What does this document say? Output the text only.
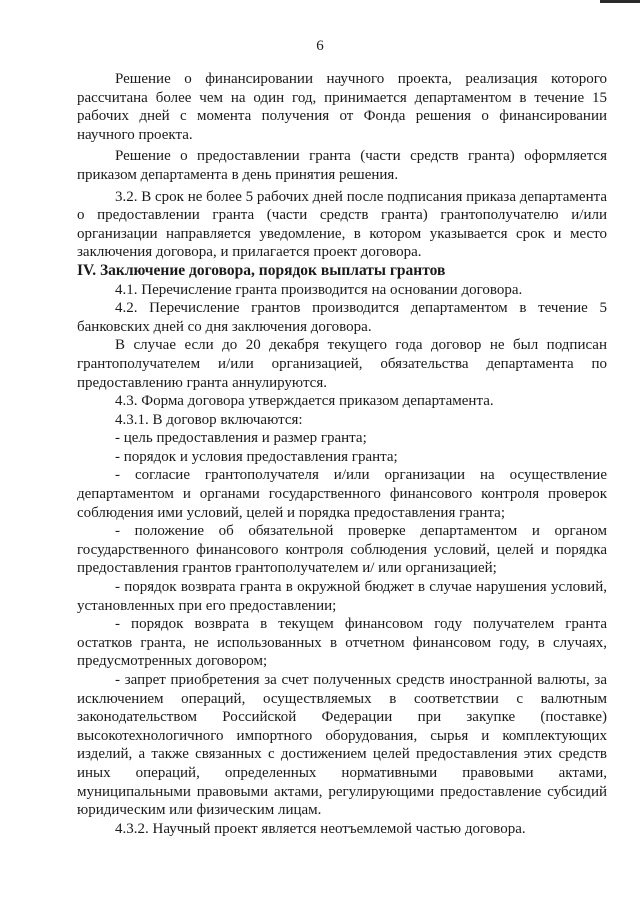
6

Решение о финансировании научного проекта, реализация которого рассчитана более чем на один год, принимается департаментом в течение 15 рабочих дней с момента получения от Фонда решения о финансировании научного проекта.

Решение о предоставлении гранта (части средств гранта) оформляется приказом департамента в день принятия решения.

3.2. В срок не более 5 рабочих дней после подписания приказа департамента о предоставлении гранта (части средств гранта) грантополучателю и/или организации направляется уведомление, в котором указывается срок и место заключения договора, и прилагается проект договора.

IV. Заключение договора, порядок выплаты грантов

4.1. Перечисление гранта производится на основании договора.

4.2. Перечисление грантов производится департаментом в течение 5 банковских дней со дня заключения договора.

В случае если до 20 декабря текущего года договор не был подписан грантополучателем и/или организацией, обязательства департамента по предоставлению гранта аннулируются.

4.3. Форма договора утверждается приказом департамента.

4.3.1. В договор включаются:

- цель предоставления и размер гранта;

- порядок и условия предоставления гранта;

- согласие грантополучателя и/или организации на осуществление департаментом и органами государственного финансового контроля проверок соблюдения ими условий, целей и порядка предоставления гранта;

- положение об обязательной проверке департаментом и органом государственного финансового контроля соблюдения условий, целей и порядка предоставления грантов грантополучателем и/ или организацией;

- порядок возврата гранта в окружной бюджет в случае нарушения условий, установленных при его предоставлении;

- порядок возврата в текущем финансовом году получателем гранта остатков гранта, не использованных в отчетном финансовом году, в случаях, предусмотренных договором;

- запрет приобретения за счет полученных средств иностранной валюты, за исключением операций, осуществляемых в соответствии с валютным законодательством Российской Федерации при закупке (поставке) высокотехнологичного импортного оборудования, сырья и комплектующих изделий, а также связанных с достижением целей предоставления этих средств иных операций, определенных нормативными правовыми актами, муниципальными правовыми актами, регулирующими предоставление субсидий юридическим или физическим лицам.

4.3.2. Научный проект является неотъемлемой частью договора.
